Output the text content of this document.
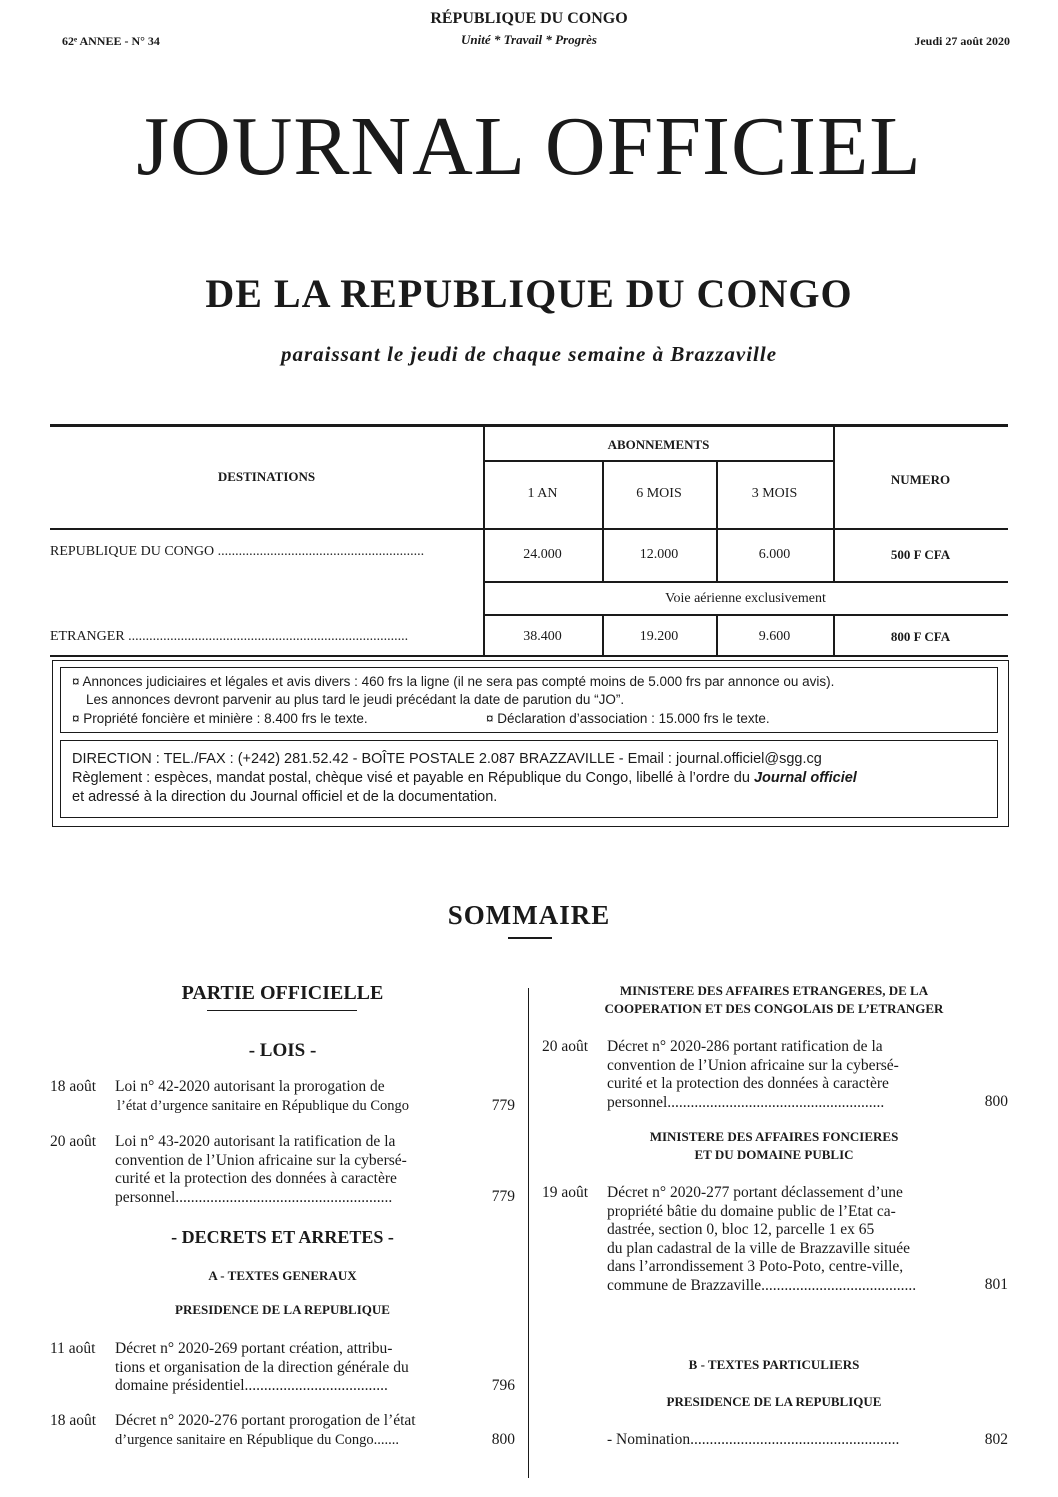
62ᵉ ANNEE - N° 34
RÉPUBLIQUE DU CONGO
Unité * Travail * Progrès	Jeudi 27 août 2020
JOURNAL OFFICIEL
DE LA REPUBLIQUE DU CONGO
paraissant le jeudi de chaque semaine à Brazzaville
DESTINATIONS
ABONNEMENTS
1 AN	6 MOIS	3 MOIS
NUMERO
REPUBLIQUE DU CONGO ...........................................................	24.000	12.000	6.000	500 F CFA
Voie aérienne exclusivement
ETRANGER ................................................................................	38.400	19.200	9.600	800 F CFA
¤ Annonces judiciaires et légales et avis divers : 460 frs la ligne (il ne sera pas compté moins de 5.000 frs par annonce ou avis).
Les annonces devront parvenir au plus tard le jeudi précédant la date de parution du “JO”.
¤ Propriété foncière et minière : 8.400 frs le texte.	¤ Déclaration d’association : 15.000 frs le texte.
DIRECTION : TEL./FAX : (+242) 281.52.42 - BOÎTE POSTALE 2.087 BRAZZAVILLE - Email : journal.officiel@sgg.cg
Règlement : espèces, mandat postal, chèque visé et payable en République du Congo, libellé à l’ordre du Journal officiel
et adressé à la direction du Journal officiel et de la documentation.
SOMMAIRE
PARTIE OFFICIELLE
- LOIS -
18 août Loi n° 42-2020 autorisant la prorogation de
l’état d’urgence sanitaire en République du Congo	779
20 août Loi n° 43-2020 autorisant la ratification de la
convention de l’Union africaine sur la cybersé-
curité et la protection des données à caractère
personnel........................................................	779
- DECRETS ET ARRETES -
A - TEXTES GENERAUX
PRESIDENCE DE LA REPUBLIQUE
11 août Décret n° 2020-269 portant création, attribu-
tions et organisation de la direction générale du
domaine présidentiel.....................................	796
18 août Décret n° 2020-276 portant prorogation de l’état
d’urgence sanitaire en République du Congo.......	800
MINISTERE DES AFFAIRES ETRANGERES, DE LA
COOPERATION ET DES CONGOLAIS DE L’ETRANGER
20 août Décret n° 2020-286 portant ratification de la
convention de l’Union africaine sur la cybersé-
curité et la protection des données à caractère
personnel........................................................	800
MINISTERE DES AFFAIRES FONCIERES
ET DU DOMAINE PUBLIC
19 août Décret n° 2020-277 portant déclassement d’une
propriété bâtie du domaine public de l’Etat ca-
dastrée, section 0, bloc 12, parcelle 1 ex 65
du plan cadastral de la ville de Brazzaville située
dans l’arrondissement 3 Poto-Poto, centre-ville,
commune de Brazzaville........................................	801
B - TEXTES PARTICULIERS
PRESIDENCE DE LA REPUBLIQUE
- Nomination......................................................	802
